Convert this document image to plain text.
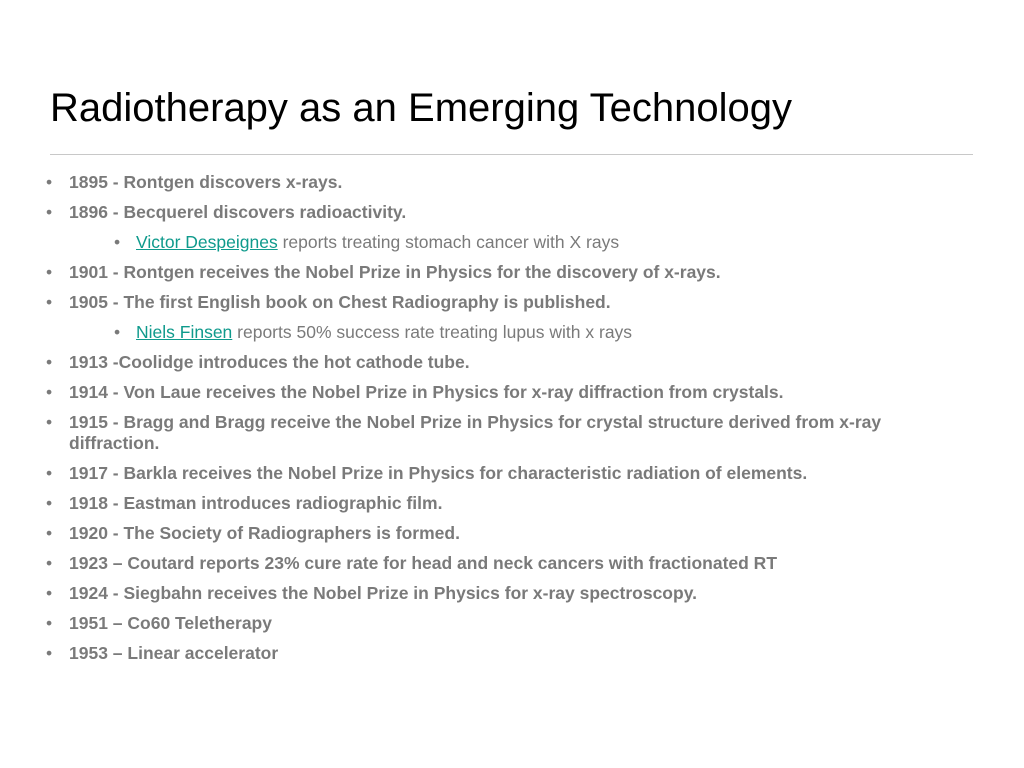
Radiotherapy as an Emerging Technology
• 1895 - Rontgen discovers x-rays.
• 1896 - Becquerel discovers radioactivity.
• Victor Despeignes reports treating stomach cancer with X rays
• 1901 - Rontgen receives the Nobel Prize in Physics for the discovery of x-rays.
• 1905 - The first English book on Chest Radiography is published.
• Niels Finsen reports 50% success rate treating lupus with x rays
• 1913 -Coolidge introduces the hot cathode tube.
• 1914 - Von Laue receives the Nobel Prize in Physics for x-ray diffraction from crystals.
• 1915 - Bragg and Bragg receive the Nobel Prize in Physics for crystal structure derived from x-ray diffraction.
• 1917 - Barkla receives the Nobel Prize in Physics for characteristic radiation of elements.
• 1918 - Eastman introduces radiographic film.
• 1920 - The Society of Radiographers is formed.
• 1923 – Coutard reports 23% cure rate for head and neck cancers with fractionated RT
• 1924 - Siegbahn receives the Nobel Prize in Physics for x-ray spectroscopy.
• 1951 – Co60 Teletherapy
• 1953 – Linear accelerator
